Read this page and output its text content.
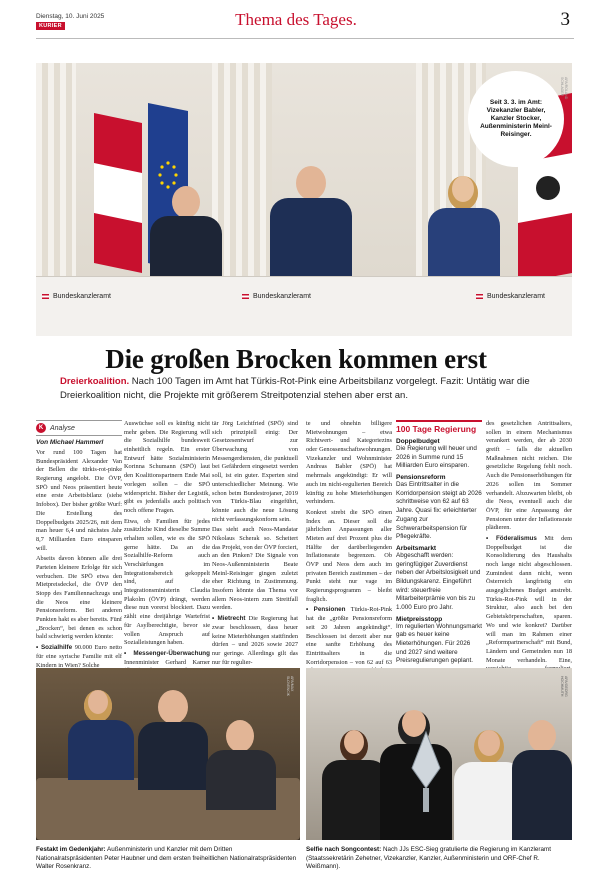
Dienstag, 10. Juni 2025
KURIER	Thema des Tages.	3
Bundeskanzleramt	Bundeskanzleramt	Bundeskanzleramt
Seit 3. 3. im Amt: Vizekanzler Babler, Kanzler Stocker, Außenministerin Meinl-Reisinger.
APA/ROLAND SCHLAGER
Die großen Brocken kommen erst
Dreierkoalition. Nach 100 Tagen im Amt hat Türkis-Rot-Pink eine Arbeitsbilanz vorgelegt. Fazit: Untätig war die Dreierkoalition nicht, die Projekte mit größerem Streitpotenzial stehen aber erst an.
K Analyse
Von Michael Hammerl

Vor rund 100 Tagen hat Bundespräsident Alexander Van der Bellen die türkis-rot-pinke Regierung angelobt. Die ÖVP, SPÖ und Neos präsentiert heute eine erste Arbeitsbilanz (siehe Infobox). Der bisher größte Wurf: Die Erstellung des Doppelbudgets 2025/26, mit dem man heuer 6,4 und nächstes Jahr 8,7 Milliarden Euro einsparen will.

Abseits davon können alle drei Parteien kleinere Erfolge für sich verbuchen. Die SPÖ etwa den Mietpreisdeckel, die ÖVP den Stopp des Familiennachzugs und die Neos eine kleinere Pensionsreform. Bei anderen Punkten hakt es aber bereits. Fünf „Brocken“, bei denen es schon bald schwierig werden könnte:

• Sozialhilfe 90.000 Euro netto für eine syrische Familie mit elf Kindern in Wien? Solche

Auswüchse soll es künftig nicht mehr geben. Die Regierung will die Sozialhilfe bundesweit einheitlich regeln. Ein erster Entwurf hätte Sozialministerin Korinna Schumann (SPÖ) laut den Koalitionspartnern Ende Mai vorlegen sollen – die SPÖ widerspricht. Bisher der Legistik, gibt es jedenfalls auch politisch noch offene Fragen.

Etwa, ob Familien für jedes zusätzliche Kind dieselbe Summe erhalten sollen, wie es die SPÖ gerne hätte. Da an die Sozialhilfe-Reform auch Verschärfungen im Integrationsbereich gekoppelt sind, auf die Integrationsministerin Claudia Plakolm (ÖVP) drängt, werden diese nun vorerst blockiert. Dazu zählt eine dreijährige Wartefrist für Asylberechtigte, bevor sie vollen Anspruch auf Sozialleistungen haben.

• Messenger-Überwachung Innenminister Gerhard Karner

tär Jörg Leichtfried (SPÖ) sind sich prinzipiell einig: Der Gesetzesentwurf zur Überwachung von Messengerdiensten, die punktuell bei Gefährdern eingesetzt werden soll, ist ein guter. Experten sind unterschiedlicher Meinung. Wie schon beim Bundestrojaner, 2019 von Türkis-Blau eingeführt, könnte auch die neue Lösung nicht verfassungskonform sein.

Das sieht auch Neos-Mandatar Nikolaus Scherak so. Scheitert das Projekt, von der ÖVP forciert, an den Pinken? Die Signale von Neos-Außenministerin Beate Meinl-Reisinger gingen zuletzt eher Richtung in Zustimmung. Insofern könnte das Thema vor allem Neos-intern zum Streitfall werden.

• Mietrecht Die Regierung hat zwar beschlossen, dass heuer keine Mieterhöhungen stattfinden dürfen – und 2026 sowie 2027 nur geringe. Allerdings gilt das nur für regulier-

te und ohnehin billigere Mietwohnungen – etwa Richtwert- und Kategoriezins oder Genossenschaftswohnungen. Vizekanzler und Wohnminister Andreas Babler (SPÖ) hat mehrmals angekündigt: Er will auch im nicht-regulierten Bereich künftig zu hohe Mieterhöhungen verhindern.

Konkret strebt die SPÖ einen Index an. Dieser soll die jährlichen Anpassungen aller Mieten auf drei Prozent plus die Hälfte der darüberliegenden Inflationsrate begrenzen. Ob ÖVP und Neos dem auch im privaten Bereich zustimmen – der Punkt steht nur vage im Regierungsprogramm – bleibt fraglich.

• Pensionen Türkis-Rot-Pink hat die „größte Pensionsreform seit 20 Jahren angekündigt“. Beschlossen ist derzeit aber nur eine sanfte Erhöhung des Eintrittsalters in die Korridorpension – von 62 auf 63

100 Tage Regierung
Doppelbudget

Die Regierung will heuer und 2026 in Summe rund 15 Milliarden Euro einsparen.

Pensionsreform

Das Eintrittsalter in die Korridorpension steigt ab 2026 schrittweise von 62 auf 63 Jahre. Quasi fix: erleichterter Zugang zur Schwerarbeitspension für Pflegekräfte.

Arbeitsmarkt

Abgeschafft werden: geringfügiger Zuverdienst neben der Arbeitslosigkeit und Bildungskarenz. Eingeführt wird: steuerfreie Mitarbeiterprämie von bis zu 1.000 Euro pro Jahr.

Mietpreisstopp

Im regulierten Wohnungsmarkt gab es heuer keine Mieterhöhungen. Für 2026 und 2027 sind weitere Preisregulierungen geplant.

des gesetzlichen Antrittsalters, sollen in einem Mechanismus verankert werden, der ab 2030 greift – falls die aktuellen Maßnahmen nicht reichen. Die gesetzliche Regelung fehlt noch. Auch die Pensionserhöhungen für 2026 sollen im Sommer verhandelt. Abzuwarten bleibt, ob die Neos, eventuell auch die ÖVP, für eine Anpassung der Pensionen unter der Inflationsrate plädieren.

• Föderalismus Mit dem Doppelbudget ist die Konsolidierung des Haushalts noch lange nicht abgeschlossen. Zumindest dann nicht, wenn Österreich langfristig ein ausgeglichenes Budget anstrebt. Türkis-Rot-Pink will in der Struktur, also auch bei den Gebietskörperschaften, sparen. Wo und wie konkret? Darüber will man im Rahmen einer „Reformpartnerschaft“ mit Bund, Ländern und Gemeinden nun 18 Monate verhandeln. Eine,

APA/MAX SLOVENCIK	APA/GEORG HOCHMUTH
Festakt im Gedenkjahr: Außenministerin und Kanzler mit dem Dritten Nationalratspräsidenten Peter Haubner und dem ersten freiheitlichen Nationalratspräsidenten Walter Rosenkranz.
Selfie nach Songcontest: Nach JJs ESC-Sieg gratulierte die Regierung im Kanzleramt (Staatssekretärin Zehetner, Vizekanzler, Kanzler, Außenministerin und ORF-Chef R. Weißmann).
